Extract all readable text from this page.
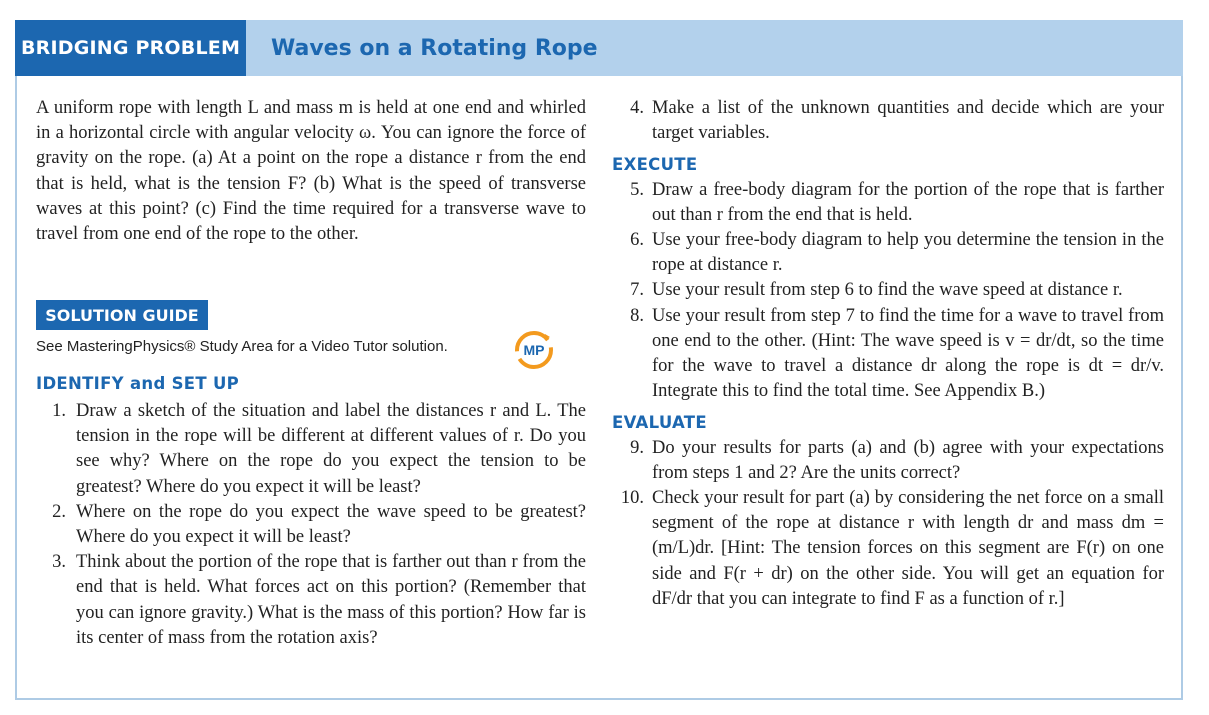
BRIDGING PROBLEM Waves on a Rotating Rope

A uniform rope with length L and mass m is held at one end and whirled in a horizontal circle with angular velocity ω. You can ignore the force of gravity on the rope. (a) At a point on the rope a distance r from the end that is held, what is the tension F? (b) What is the speed of transverse waves at this point? (c) Find the time required for a transverse wave to travel from one end of the rope to the other.

SOLUTION GUIDE
See MasteringPhysics® Study Area for a Video Tutor solution.	MP
IDENTIFY and SET UP
1. Draw a sketch of the situation and label the distances r and L. The tension in the rope will be different at different values of r. Do you see why? Where on the rope do you expect the tension to be greatest? Where do you expect it will be least?
2. Where on the rope do you expect the wave speed to be greatest? Where do you expect it will be least?
3. Think about the portion of the rope that is farther out than r from the end that is held. What forces act on this portion? (Remember that you can ignore gravity.) What is the mass of this portion? How far is its center of mass from the rotation axis?
4. Make a list of the unknown quantities and decide which are your target variables.
EXECUTE
5. Draw a free-body diagram for the portion of the rope that is farther out than r from the end that is held.
6. Use your free-body diagram to help you determine the tension in the rope at distance r.
7. Use your result from step 6 to find the wave speed at distance r.
8. Use your result from step 7 to find the time for a wave to travel from one end to the other. (Hint: The wave speed is v = dr/dt, so the time for the wave to travel a distance dr along the rope is dt = dr/v. Integrate this to find the total time. See Appendix B.)
EVALUATE
9. Do your results for parts (a) and (b) agree with your expectations from steps 1 and 2? Are the units correct?
10. Check your result for part (a) by considering the net force on a small segment of the rope at distance r with length dr and mass dm = (m/L)dr. [Hint: The tension forces on this segment are F(r) on one side and F(r + dr) on the other side. You will get an equation for dF/dr that you can integrate to find F as a function of r.]
